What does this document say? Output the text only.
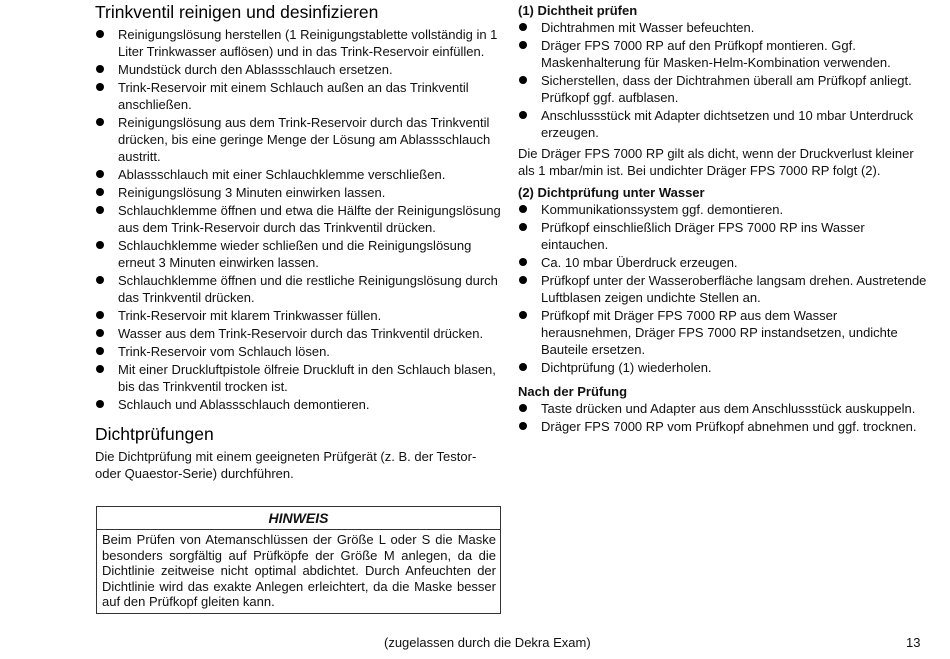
Trinkventil reinigen und desinfizieren
Reinigungslösung herstellen (1 Reinigungstablette vollständig in 1 Liter Trinkwasser auflösen) und in das Trink-Reservoir einfüllen.
Mundstück durch den Ablassschlauch ersetzen.
Trink-Reservoir mit einem Schlauch außen an das Trinkventil anschließen.
Reinigungslösung aus dem Trink-Reservoir durch das Trinkventil drücken, bis eine geringe Menge der Lösung am Ablassschlauch austritt.
Ablassschlauch mit einer Schlauchklemme verschließen.
Reinigungslösung 3 Minuten einwirken lassen.
Schlauchklemme öffnen und etwa die Hälfte der Reinigungslösung aus dem Trink-Reservoir durch das Trinkventil drücken.
Schlauchklemme wieder schließen und die Reinigungslösung erneut 3 Minuten einwirken lassen.
Schlauchklemme öffnen und die restliche Reinigungslösung durch das Trinkventil drücken.
Trink-Reservoir mit klarem Trinkwasser füllen.
Wasser aus dem Trink-Reservoir durch das Trinkventil drücken.
Trink-Reservoir vom Schlauch lösen.
Mit einer Druckluftpistole ölfreie Druckluft in den Schlauch blasen, bis das Trinkventil trocken ist.
Schlauch und Ablassschlauch demontieren.
Dichtprüfungen

Die Dichtprüfung mit einem geeigneten Prüfgerät (z. B. der Testor- oder Quaestor-Serie) durchführen.

HINWEIS
Beim Prüfen von Atemanschlüssen der Größe L oder S die Maske besonders sorgfältig auf Prüfköpfe der Größe M anlegen, da die Dichtlinie zeitweise nicht optimal abdichtet. Durch Anfeuchten der Dichtlinie wird das exakte Anlegen erleichtert, da die Maske besser auf den Prüfkopf gleiten kann.

(1) Dichtheit prüfen

Dichtrahmen mit Wasser befeuchten.
Dräger FPS 7000 RP auf den Prüfkopf montieren. Ggf. Maskenhalterung für Masken-Helm-Kombination verwenden.
Sicherstellen, dass der Dichtrahmen überall am Prüfkopf anliegt. Prüfkopf ggf. aufblasen.
Anschlussstück mit Adapter dichtsetzen und 10 mbar Unterdruck erzeugen.

Die Dräger FPS 7000 RP gilt als dicht, wenn der Druckverlust kleiner als 1 mbar/min ist. Bei undichter Dräger FPS 7000 RP folgt (2).

(2) Dichtprüfung unter Wasser

Kommunikationssystem ggf. demontieren.
Prüfkopf einschließlich Dräger FPS 7000 RP ins Wasser eintauchen.
Ca. 10 mbar Überdruck erzeugen.
Prüfkopf unter der Wasseroberfläche langsam drehen. Austretende Luftblasen zeigen undichte Stellen an.
Prüfkopf mit Dräger FPS 7000 RP aus dem Wasser herausnehmen, Dräger FPS 7000 RP instandsetzen, undichte Bauteile ersetzen.
Dichtprüfung (1) wiederholen.

Nach der Prüfung

Taste drücken und Adapter aus dem Anschlussstück auskuppeln.
Dräger FPS 7000 RP vom Prüfkopf abnehmen und ggf. trocknen.
(zugelassen durch die Dekra Exam)	13
